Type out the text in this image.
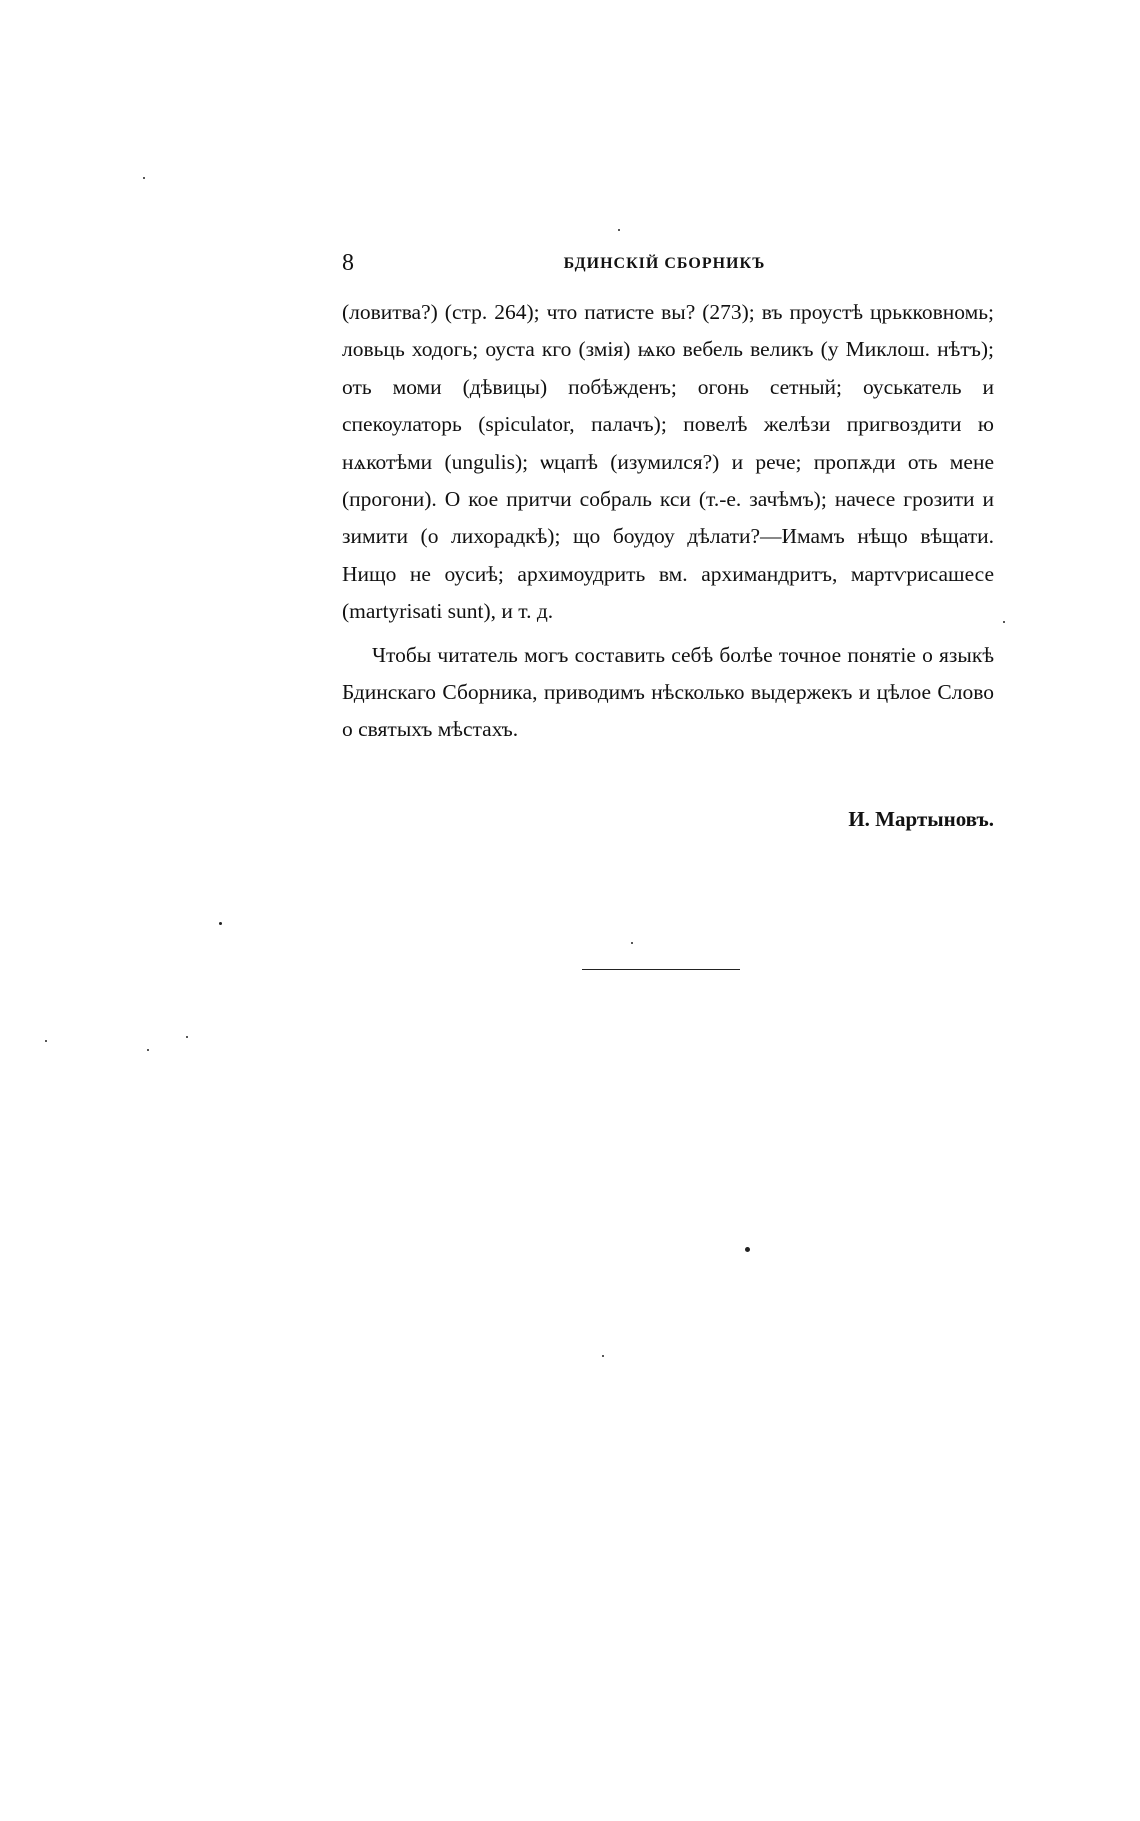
8	БДИНСКІЙ СБОРНИКЪ

(ловитва?) (стр. 264); что патисте вы? (273); въ проустѣ црькковномь; ловьць ходогь; оуста кго (змія) ѩко вебель великъ (у Миклош. нѣтъ); оть моми (дѣвицы) побѣжденъ; огонь сетный; оуськатель и спекоулаторь (spiculator, палачъ); повелѣ желѣзи пригвоздити ю нѧкотѣми (ungulis); ѡцапѣ (изумился?) и рече; пропѫди оть мене (прогони). О кое притчи собраль кси (т.-е. зачѣмъ); начесе грозити и зимити (о лихорадкѣ); що боудоу дѣлати?—Имамъ нѣщо вѣщати. Нищо не оусиѣ; архимоудрить вм. архимандритъ, мартѵрисашесе (martyrisati sunt), и т. д.

Чтобы читатель могъ составить себѣ болѣе точное понятіе о языкѣ Бдинскаго Сборника, приводимъ нѣсколько выдержекъ и цѣлое Слово о святыхъ мѣстахъ.

И. Мартыновъ.
